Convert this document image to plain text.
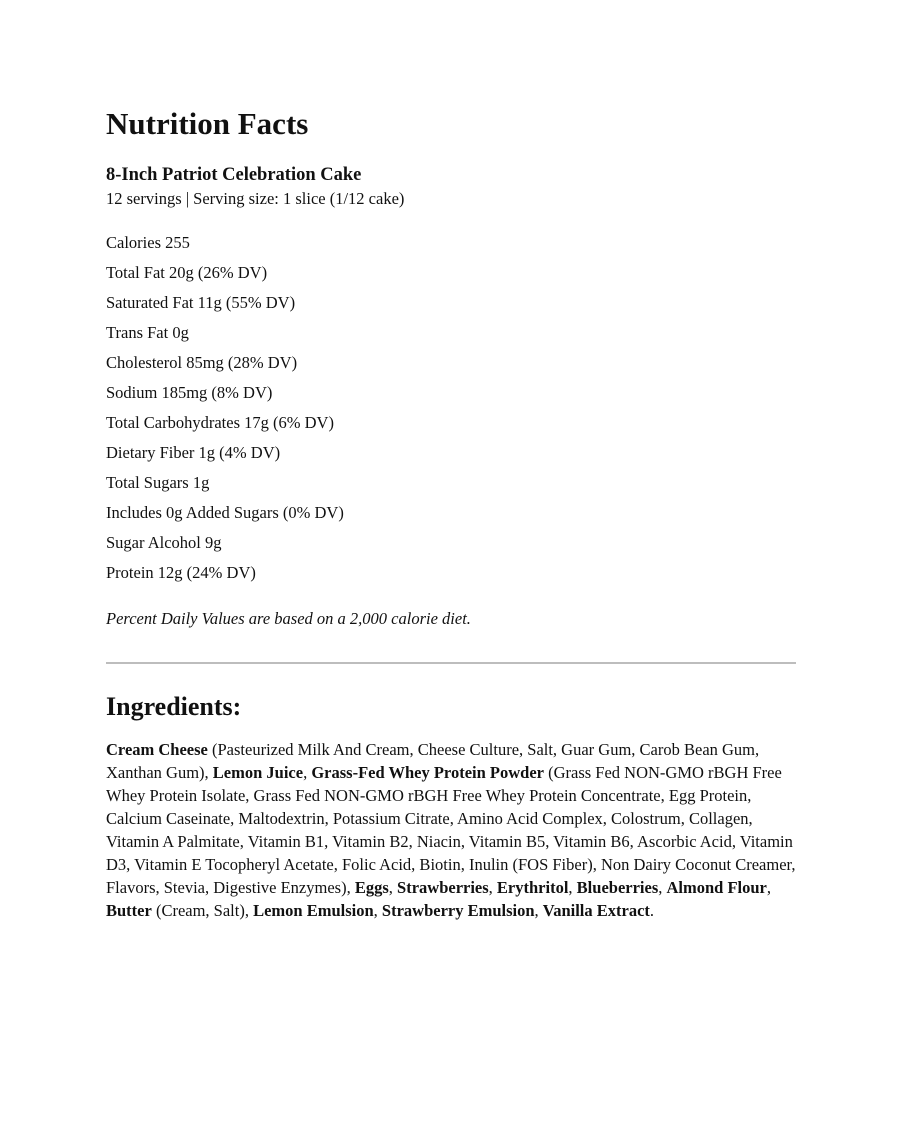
Nutrition Facts
8-Inch Patriot Celebration Cake
12 servings | Serving size: 1 slice (1/12 cake)
Calories 255
Total Fat 20g (26% DV)
Saturated Fat 11g (55% DV)
Trans Fat 0g
Cholesterol 85mg (28% DV)
Sodium 185mg (8% DV)
Total Carbohydrates 17g (6% DV)
Dietary Fiber 1g (4% DV)
Total Sugars 1g
Includes 0g Added Sugars (0% DV)
Sugar Alcohol 9g
Protein 12g (24% DV)
Percent Daily Values are based on a 2,000 calorie diet.
Ingredients:

Cream Cheese (Pasteurized Milk And Cream, Cheese Culture, Salt, Guar Gum, Carob Bean Gum, Xanthan Gum), Lemon Juice, Grass-Fed Whey Protein Powder (Grass Fed NON-GMO rBGH Free Whey Protein Isolate, Grass Fed NON-GMO rBGH Free Whey Protein Concentrate, Egg Protein, Calcium Caseinate, Maltodextrin, Potassium Citrate, Amino Acid Complex, Colostrum, Collagen, Vitamin A Palmitate, Vitamin B1, Vitamin B2, Niacin, Vitamin B5, Vitamin B6, Ascorbic Acid, Vitamin D3, Vitamin E Tocopheryl Acetate, Folic Acid, Biotin, Inulin (FOS Fiber), Non Dairy Coconut Creamer, Flavors, Stevia, Digestive Enzymes), Eggs, Strawberries, Erythritol, Blueberries, Almond Flour, Butter (Cream, Salt), Lemon Emulsion, Strawberry Emulsion, Vanilla Extract.
